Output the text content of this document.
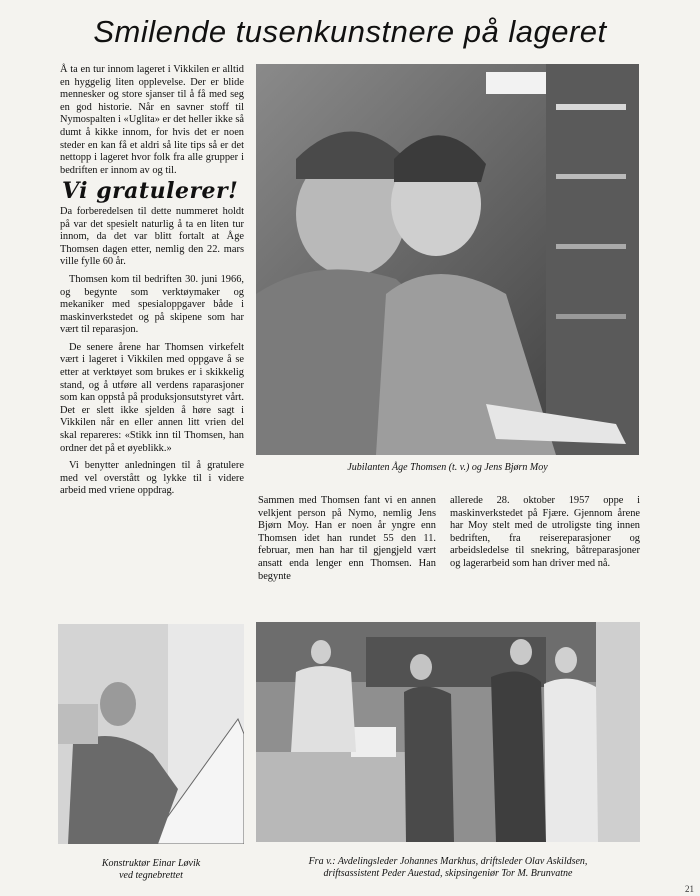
Smilende tusenkunstnere på lageret

Å ta en tur innom lageret i Vikkilen er alltid en hyggelig liten opplevelse. Der er blide mennesker og store sjanser til å få med seg en god historie. Når en savner stoff til Nymospalten i «Uglita» er det heller ikke så dumt å kikke innom, for hvis det er noen steder en kan få et aldri så lite tips så er det nettopp i lageret hvor folk fra alle grupper i bedriften er innom av og til.

Vi gratulerer!

Da forberedelsen til dette nummeret holdt på var det spesielt naturlig å ta en liten tur innom, da det var blitt fortalt at Åge Thomsen dagen etter, nemlig den 22. mars ville fylle 60 år.

Thomsen kom til bedriften 30. juni 1966, og begynte som verktøymaker og mekaniker med spesialoppgaver både i maskinverkstedet og på skipene som har vært til reparasjon.

De senere årene har Thomsen virkefelt vært i lageret i Vikkilen med oppgave å se etter at verktøyet som brukes er i skikkelig stand, og å utføre all verdens raparasjoner som kan oppstå på produksjonsutstyret vårt. Det er slett ikke sjelden å høre sagt i Vikkilen når en eller annen litt vrien del skal repareres: «Stikk inn til Thomsen, han ordner det på et øyeblikk.»

Vi benytter anledningen til å gratulere med vel overstått og lykke til i videre arbeid med vriene oppdrag.

Jubilanten Åge Thomsen (t. v.) og Jens Bjørn Moy

Sammen med Thomsen fant vi en annen velkjent person på Nymo, nemlig Jens Bjørn Moy. Han er noen år yngre enn Thomsen idet han rundet 55 den 11. februar, men han har til gjengjeld vært ansatt enda lenger enn Thomsen. Han begynte

allerede 28. oktober 1957 oppe i maskinverkstedet på Fjære. Gjennom årene har Moy stelt med de utroligste ting innen bedriften, fra reisereparasjoner og arbeidsledelse til snekring, båtreparasjoner og lagerarbeid som han driver med nå.

Konstruktør Einar Løvik
ved tegnebrettet
Fra v.: Avdelingsleder Johannes Markhus, driftsleder Olav Askildsen,
driftsassistent Peder Auestad, skipsingeniør Tor M. Brunvatne
21
